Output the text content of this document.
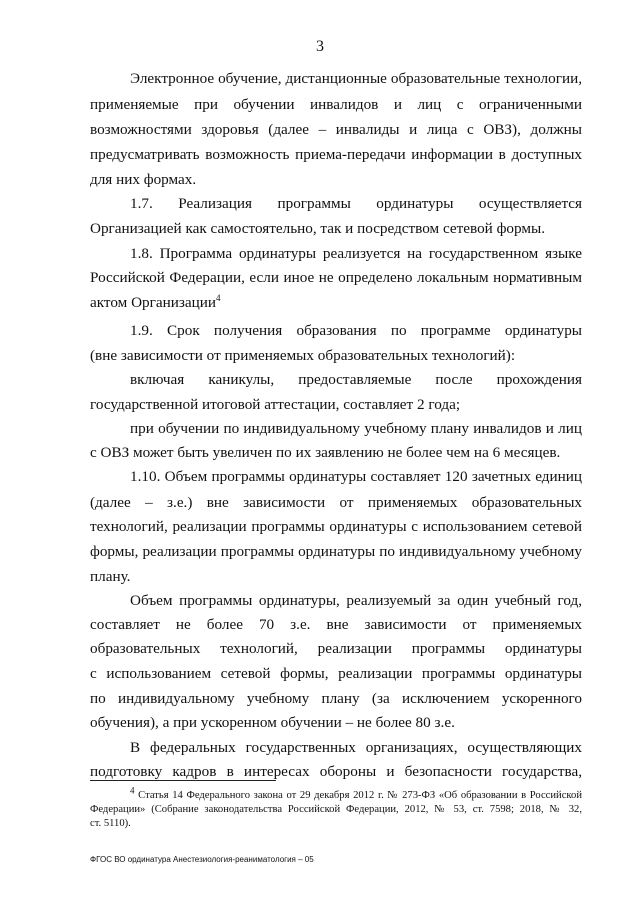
3
Электронное обучение, дистанционные образовательные технологии,
применяемые при обучении инвалидов и лиц с ограниченными
возможностями здоровья (далее – инвалиды и лица с ОВЗ), должны
предусматривать возможность приема-передачи информации в доступных
для них формах.
1.7. Реализация программы ординатуры осуществляется
Организацией как самостоятельно, так и посредством сетевой формы.
1.8. Программа ординатуры реализуется на государственном языке
Российской Федерации, если иное не определено локальным нормативным
актом Организации$^4$
1.9. Срок получения образования по программе ординатуры
(вне зависимости от применяемых образовательных технологий):
включая каникулы, предоставляемые после прохождения
государственной итоговой аттестации, составляет 2 года;
при обучении по индивидуальному учебному плану инвалидов и лиц
с ОВЗ может быть увеличен по их заявлению не более чем на 6 месяцев.
1.10. Объем программы ординатуры составляет 120 зачетных единиц
(далее – з.е.) вне зависимости от применяемых образовательных
технологий, реализации программы ординатуры с использованием сетевой
формы, реализации программы ординатуры по индивидуальному учебному
плану.
Объем программы ординатуры, реализуемый за один учебный год,
составляет не более 70 з.е. вне зависимости от применяемых
образовательных технологий, реализации программы ординатуры
с использованием сетевой формы, реализации программы ординатуры
по индивидуальному учебному плану (за исключением ускоренного
обучения), а при ускоренном обучении – не более 80 з.е.
В федеральных государственных организациях, осуществляющих
подготовку кадров в интересах обороны и безопасности государства,
$^4$ Статья 14 Федерального закона от 29 декабря 2012 г. № 273-ФЗ «Об образовании в Российской
Федерации» (Собрание законодательства Российской Федерации, 2012, № 53, ст. 7598; 2018, № 32,
ст. 5110).
ФГОС ВО ординатура Анестезиология-реаниматология – 05
